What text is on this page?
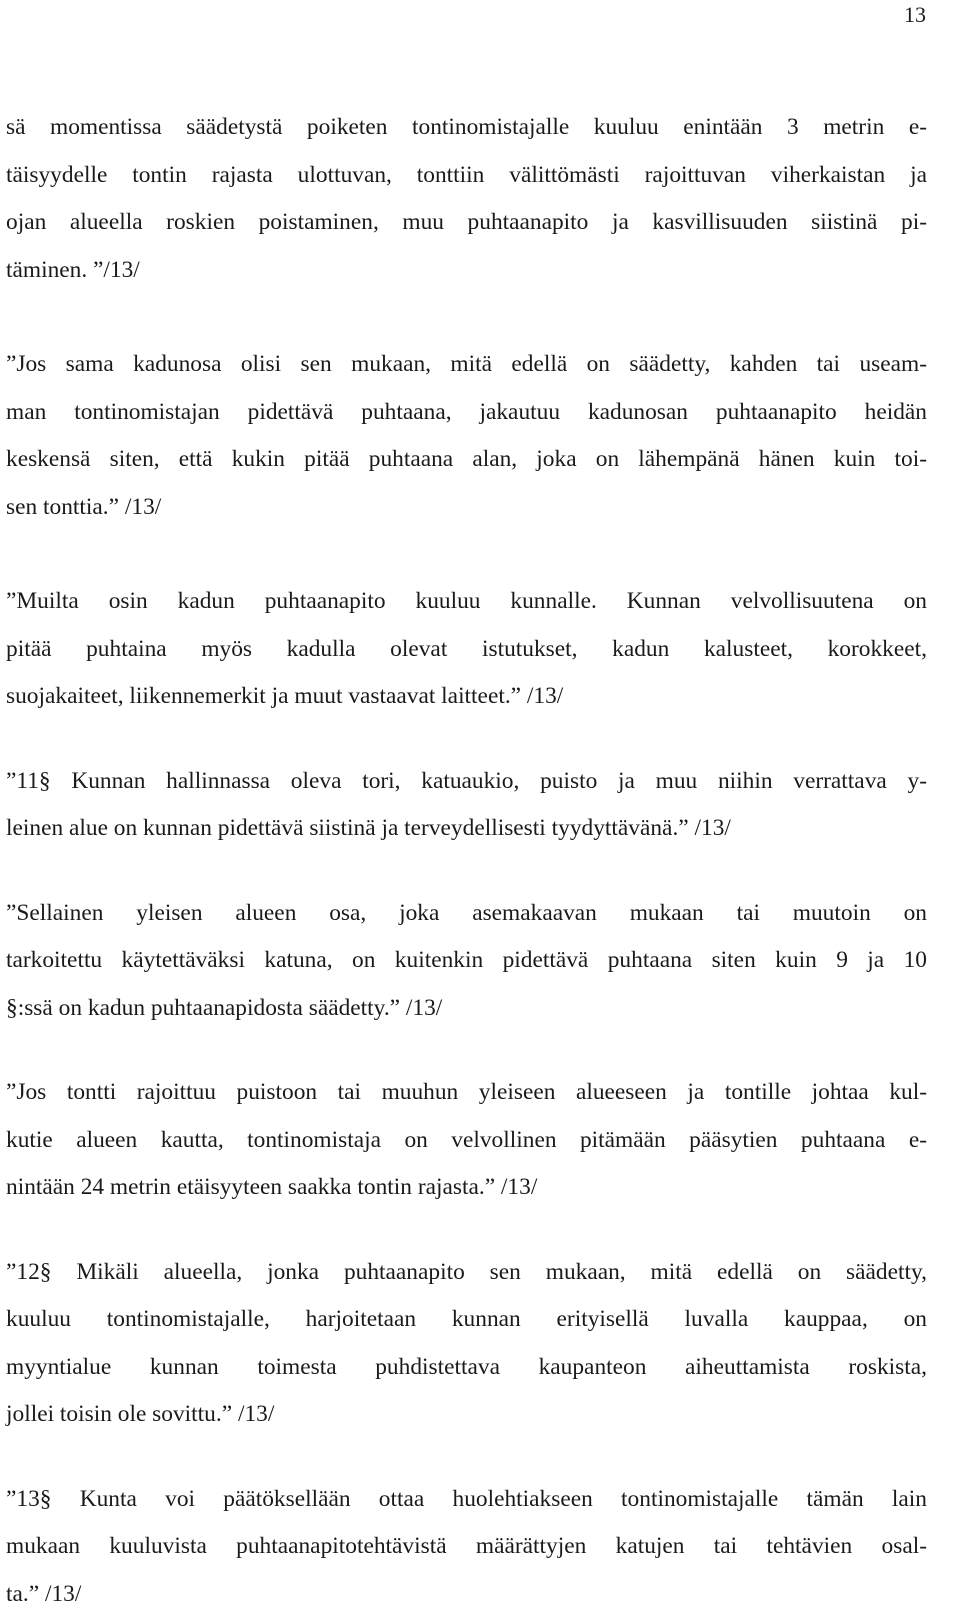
13
sä momentissa säädetystä poiketen tontinomistajalle kuuluu enintään 3 metrin e-
täisyydelle tontin rajasta ulottuvan, tonttiin välittömästi rajoittuvan viherkaistan ja
ojan alueella roskien poistaminen, muu puhtaanapito ja kasvillisuuden siistinä pi-
täminen. ”/13/
”Jos sama kadunosa olisi sen mukaan, mitä edellä on säädetty, kahden tai useam-
man tontinomistajan pidettävä puhtaana, jakautuu kadunosan puhtaanapito heidän
keskensä siten, että kukin pitää puhtaana alan, joka on lähempänä hänen kuin toi-
sen tonttia.” /13/
”Muilta osin kadun puhtaanapito kuuluu kunnalle. Kunnan velvollisuutena on
pitää puhtaina myös kadulla olevat istutukset, kadun kalusteet, korokkeet,
suojakaiteet, liikennemerkit ja muut vastaavat laitteet.” /13/
”11§ Kunnan hallinnassa oleva tori, katuaukio, puisto ja muu niihin verrattava y-
leinen alue on kunnan pidettävä siistinä ja terveydellisesti tyydyttävänä.” /13/
”Sellainen yleisen alueen osa, joka asemakaavan mukaan tai muutoin on
tarkoitettu käytettäväksi katuna, on kuitenkin pidettävä puhtaana siten kuin 9 ja 10
§:ssä on kadun puhtaanapidosta säädetty.” /13/
”Jos tontti rajoittuu puistoon tai muuhun yleiseen alueeseen ja tontille johtaa kul-
kutie alueen kautta, tontinomistaja on velvollinen pitämään pääsytien puhtaana e-
nintään 24 metrin etäisyyteen saakka tontin rajasta.” /13/
”12§ Mikäli alueella, jonka puhtaanapito sen mukaan, mitä edellä on säädetty,
kuuluu tontinomistajalle, harjoitetaan kunnan erityisellä luvalla kauppaa, on
myyntialue kunnan toimesta puhdistettava kaupanteon aiheuttamista roskista,
jollei toisin ole sovittu.” /13/
”13§ Kunta voi päätöksellään ottaa huolehtiakseen tontinomistajalle tämän lain
mukaan kuuluvista puhtaanapitotehtävistä määrättyjen katujen tai tehtävien osal-
ta.” /13/
